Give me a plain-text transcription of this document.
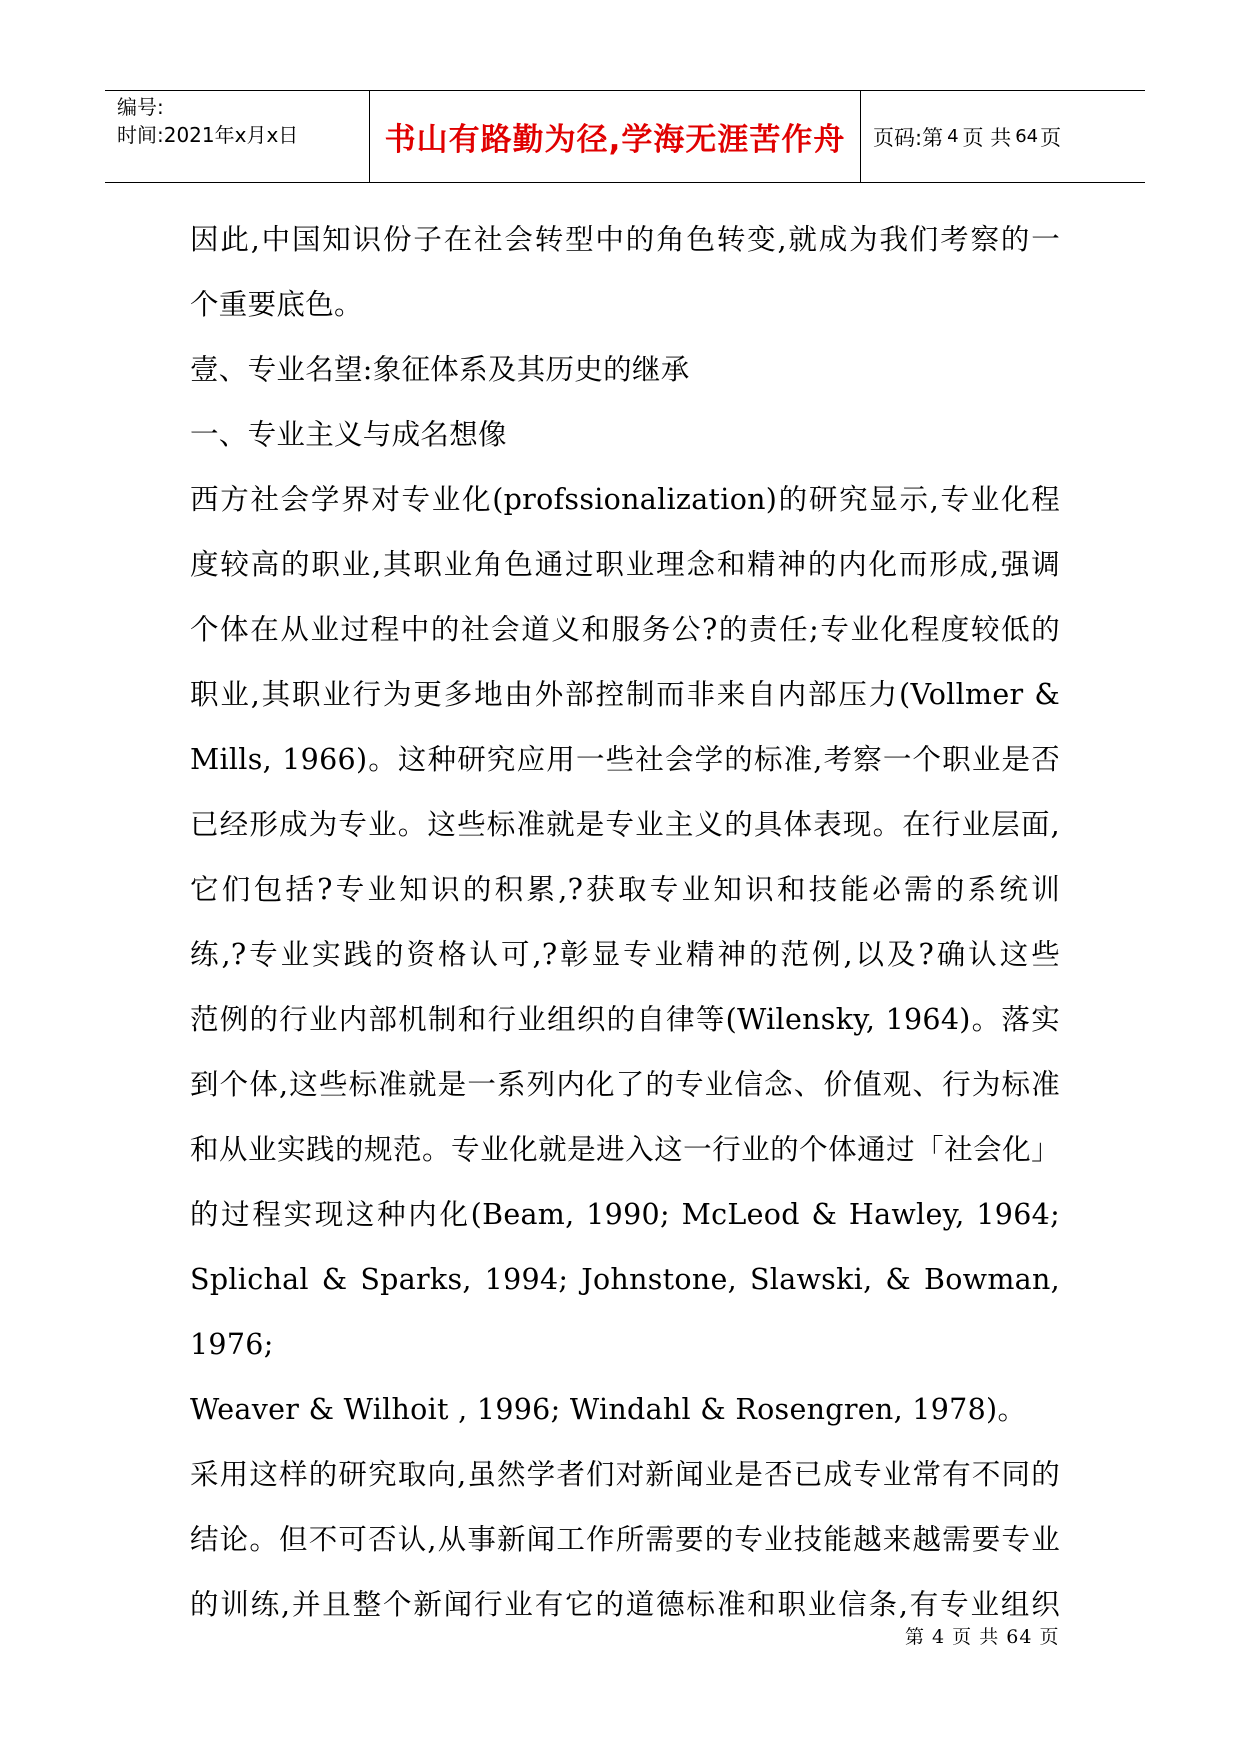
编号:
时间:2021年x月x日	书山有路勤为径,学海无涯苦作舟 页码:第 4 页 共 64 页

因此,中国知识份子在社会转型中的角色转变,就成为我们考察的一

个重要底色。

壹、专业名望:象征体系及其历史的继承

一、专业主义与成名想像

西方社会学界对专业化(profssionalization)的研究显示,专业化程

度较高的职业,其职业角色通过职业理念和精神的内化而形成,强调

个体在从业过程中的社会道义和服务公?的责任;专业化程度较低的

职业,其职业行为更多地由外部控制而非来自内部压力(Vollmer &

Mills, 1966)。这种研究应用一些社会学的标准,考察一个职业是否

已经形成为专业。这些标准就是专业主义的具体表现。在行业层面,

它们包括?专业知识的积累,?获取专业知识和技能必需的系统训

练,?专业实践的资格认可,?彰显专业精神的范例,以及?确认这些

范例的行业内部机制和行业组织的自律等(Wilensky, 1964)。落实

到个体,这些标准就是一系列内化了的专业信念、价值观、行为标准

和从业实践的规范。专业化就是进入这一行业的个体通过「社会化」

的过程实现这种内化(Beam, 1990; McLeod & Hawley, 1964;

Splichal & Sparks, 1994; Johnstone, Slawski, & Bowman, 1976;

Weaver & Wilhoit , 1996; Windahl & Rosengren, 1978)。

采用这样的研究取向,虽然学者们对新闻业是否已成专业常有不同的

结论。但不可否认,从事新闻工作所需要的专业技能越来越需要专业

的训练,并且整个新闻行业有它的道德标准和职业信条,有专业组织

第 4 页 共 64 页
